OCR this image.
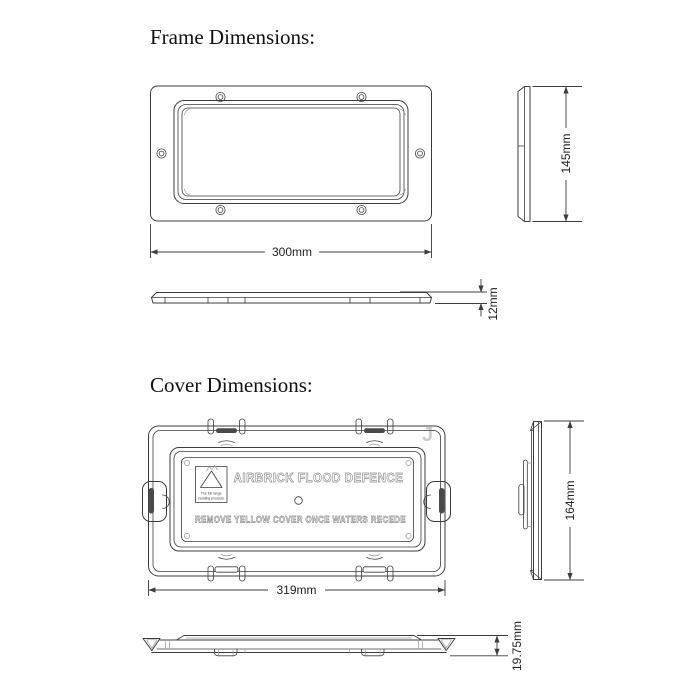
Frame Dimensions:
Cover Dimensions:
300mm
145mm
12mm
J
The full range
building products
AIRBRICK FLOOD DEFENCE
REMOVE YELLOW COVER ONCE WATERS RECEDE
319mm
164mm
19.75mm
